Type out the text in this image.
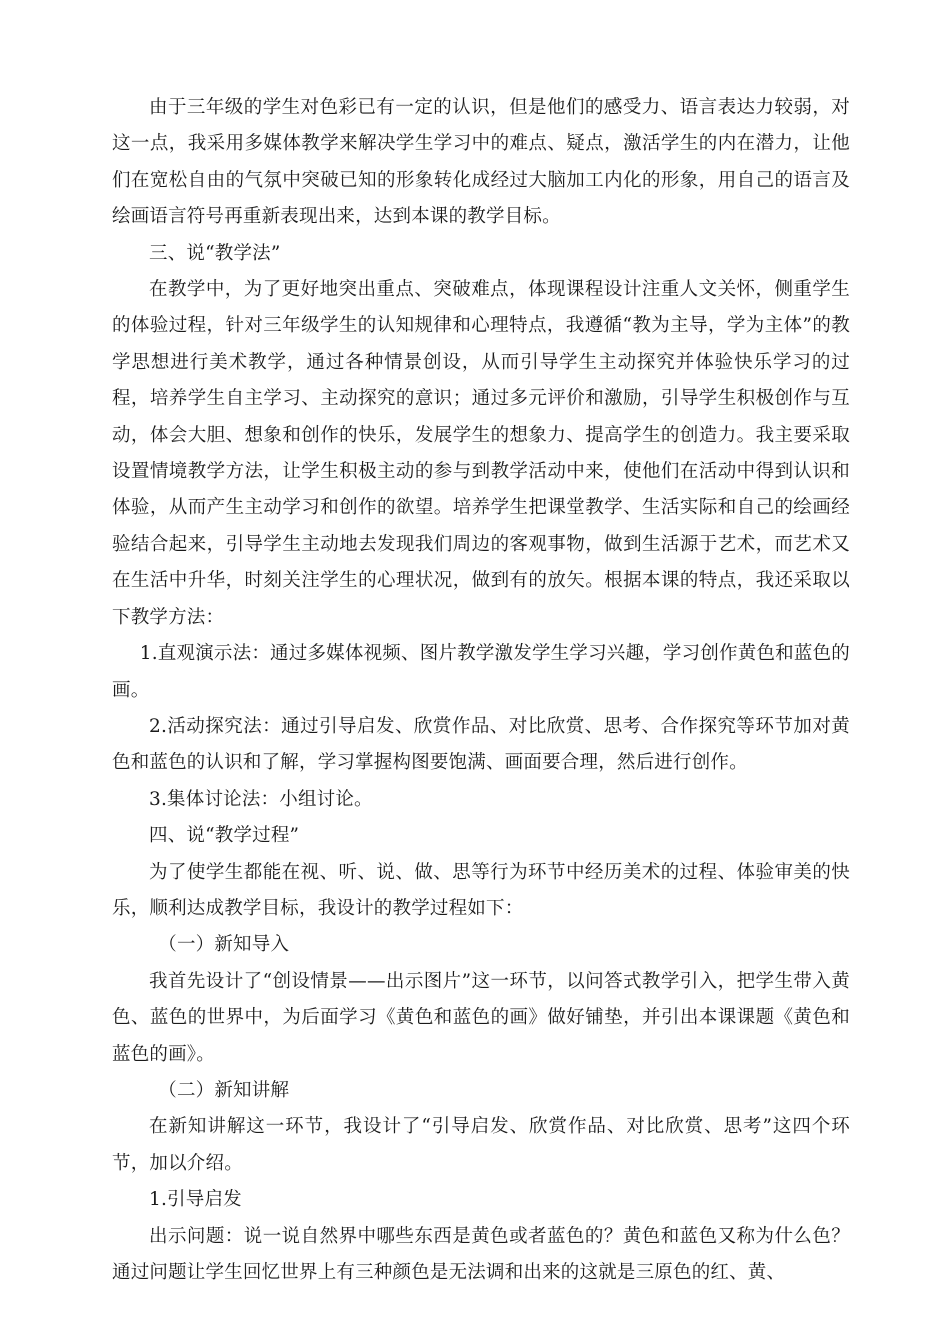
由于三年级的学生对色彩已有一定的认识，但是他们的感受力、语言表达力较弱，对这一点，我采用多媒体教学来解决学生学习中的难点、疑点，激活学生的内在潜力，让他们在宽松自由的气氛中突破已知的形象转化成经过大脑加工内化的形象，用自己的语言及绘画语言符号再重新表现出来，达到本课的教学目标。

三、说“教学法”

在教学中，为了更好地突出重点、突破难点，体现课程设计注重人文关怀，侧重学生的体验过程，针对三年级学生的认知规律和心理特点，我遵循“教为主导，学为主体”的教学思想进行美术教学，通过各种情景创设，从而引导学生主动探究并体验快乐学习的过程，培养学生自主学习、主动探究的意识；通过多元评价和激励，引导学生积极创作与互动，体会大胆、想象和创作的快乐，发展学生的想象力、提高学生的创造力。我主要采取设置情境教学方法，让学生积极主动的参与到教学活动中来，使他们在活动中得到认识和体验，从而产生主动学习和创作的欲望。培养学生把课堂教学、生活实际和自己的绘画经验结合起来，引导学生主动地去发现我们周边的客观事物，做到生活源于艺术，而艺术又在生活中升华，时刻关注学生的心理状况，做到有的放矢。根据本课的特点，我还采取以下教学方法：

1.直观演示法：通过多媒体视频、图片教学激发学生学习兴趣，学习创作黄色和蓝色的画。

2.活动探究法：通过引导启发、欣赏作品、对比欣赏、思考、合作探究等环节加对黄色和蓝色的认识和了解，学习掌握构图要饱满、画面要合理，然后进行创作。

3.集体讨论法：小组讨论。

四、说“教学过程”

为了使学生都能在视、听、说、做、思等行为环节中经历美术的过程、体验审美的快乐，顺利达成教学目标，我设计的教学过程如下：

（一）新知导入

我首先设计了“创设情景——出示图片”这一环节，以问答式教学引入，把学生带入黄色、蓝色的世界中，为后面学习《黄色和蓝色的画》做好铺垫，并引出本课课题《黄色和蓝色的画》。

（二）新知讲解

在新知讲解这一环节，我设计了“引导启发、欣赏作品、对比欣赏、思考”这四个环节，加以介绍。

1.引导启发

出示问题：说一说自然界中哪些东西是黄色或者蓝色的？黄色和蓝色又称为什么色？通过问题让学生回忆世界上有三种颜色是无法调和出来的这就是三原色的红、黄、
